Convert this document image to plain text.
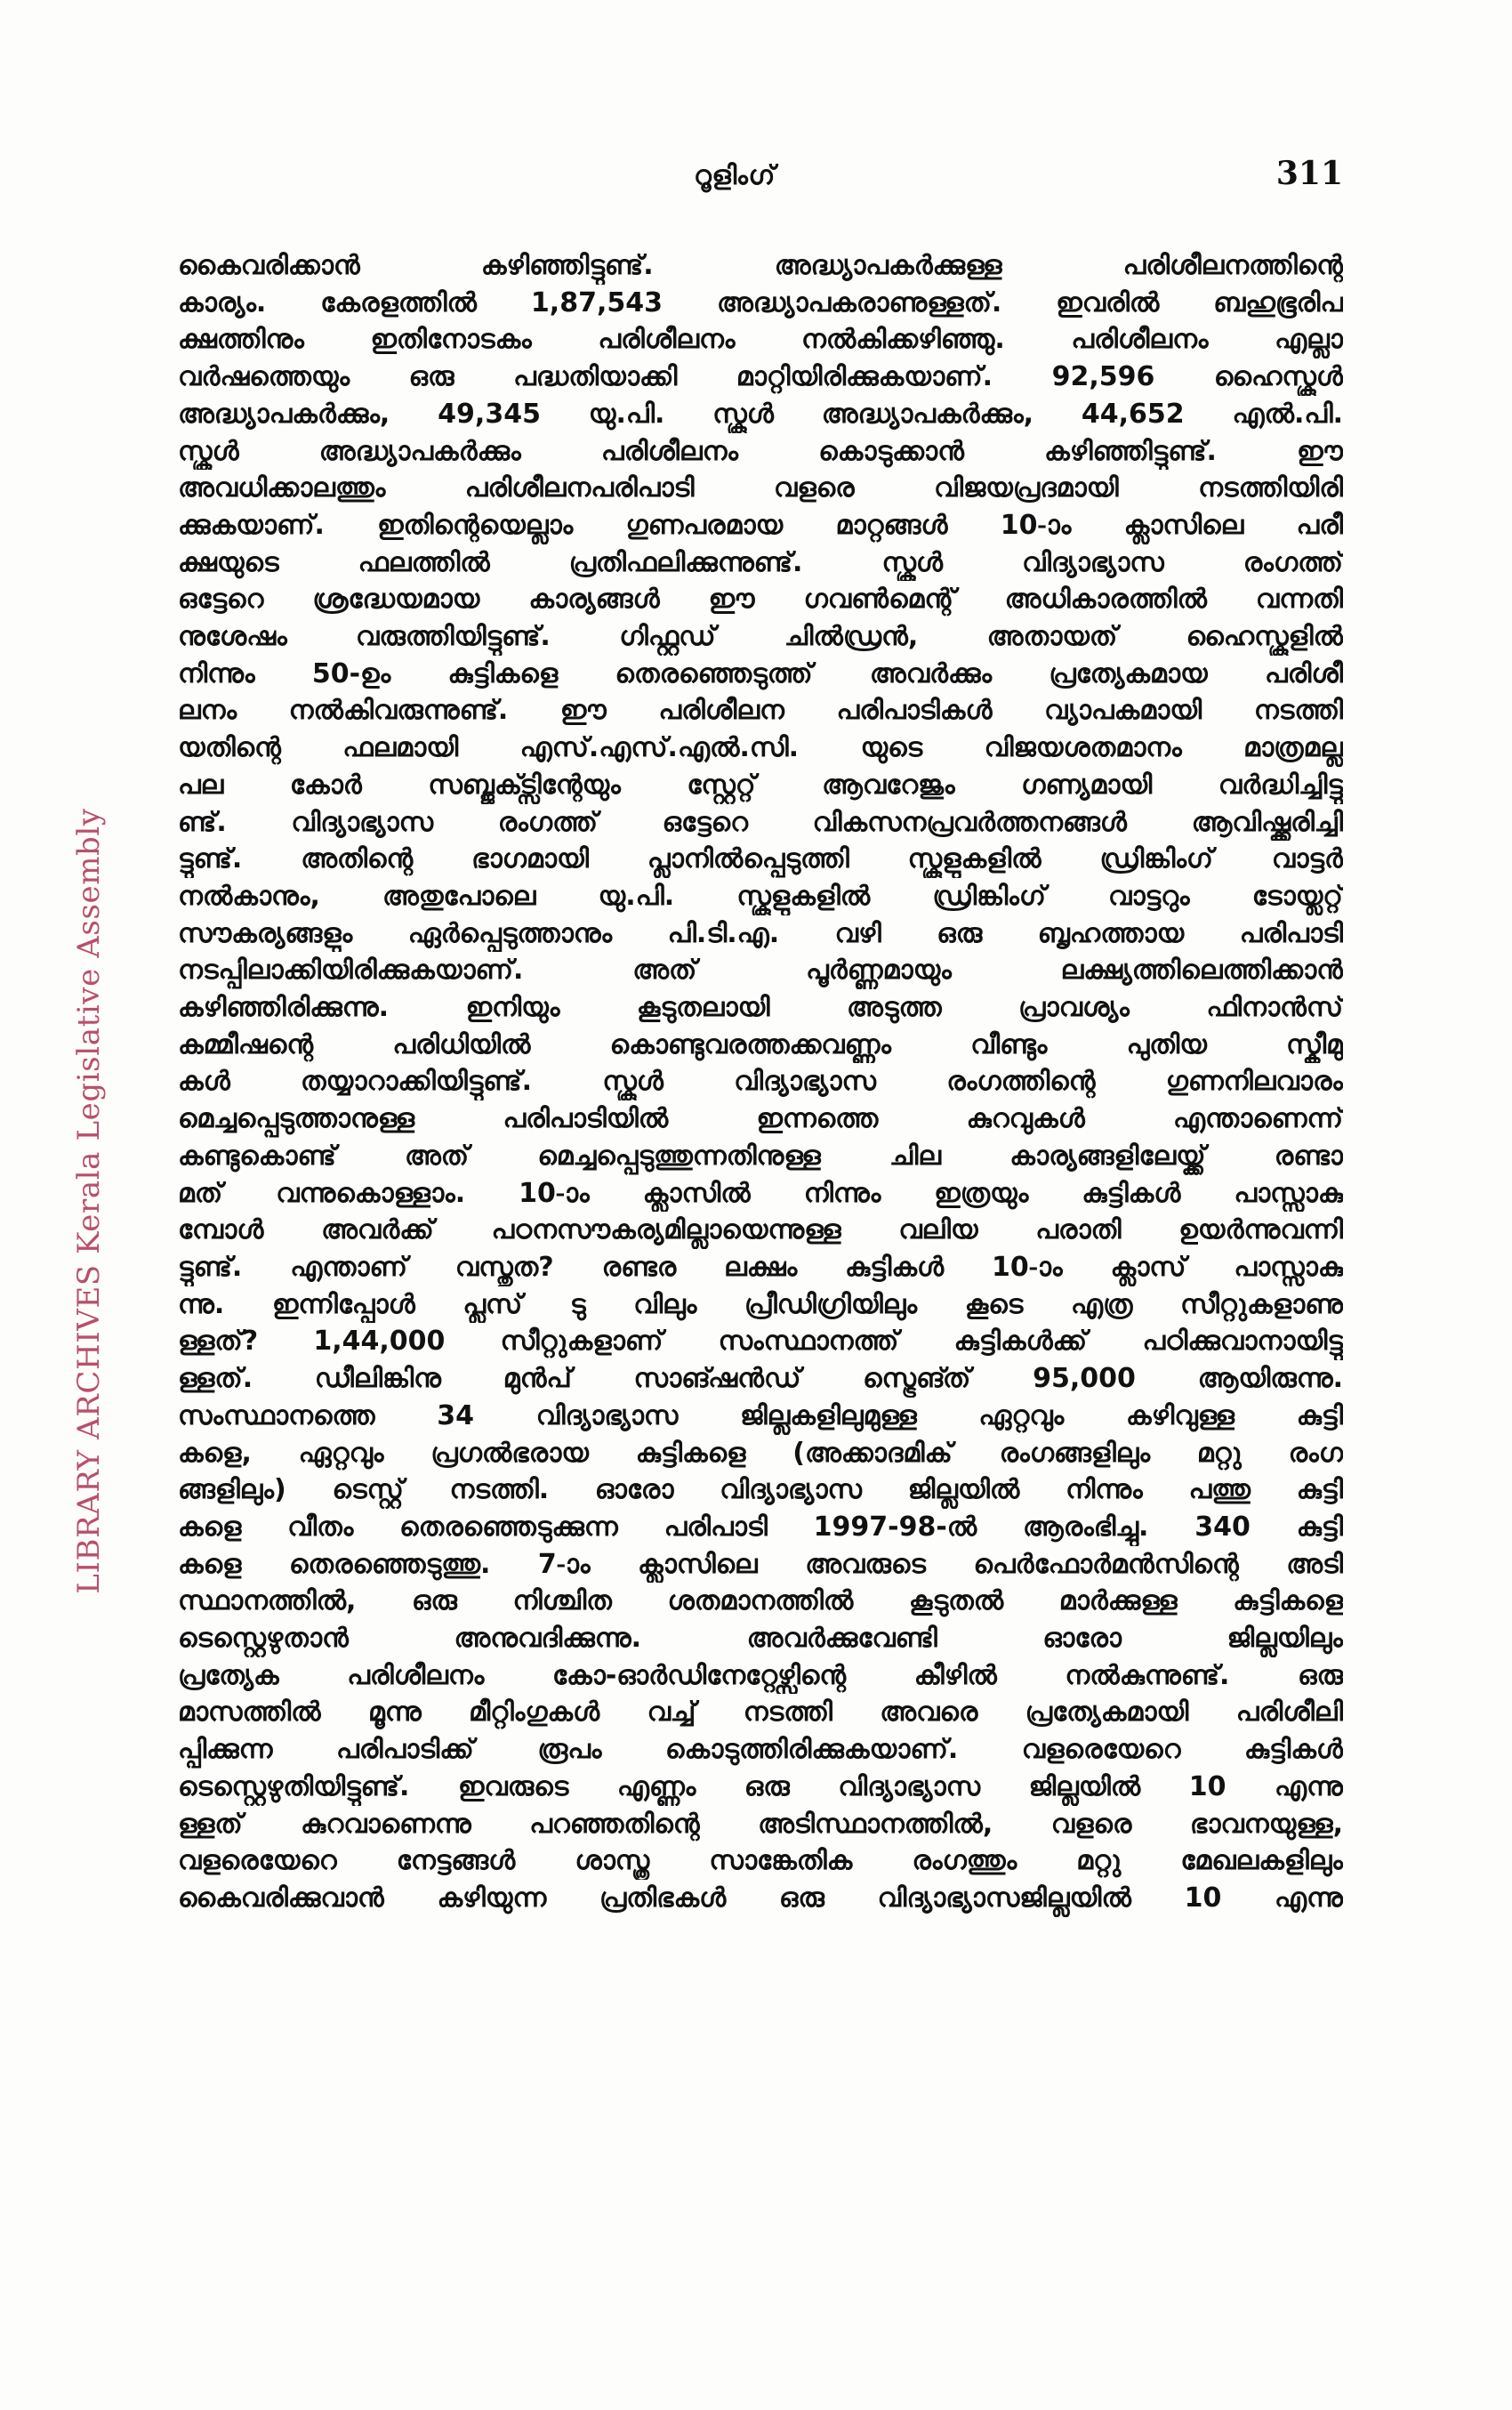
റൂളിംഗ്	311
LIBRARY ARCHIVES Kerala Legislative Assembly
കൈവരിക്കാൻ കഴിഞ്ഞിട്ടുണ്ട്. അദ്ധ്യാപകർക്കുള്ള പരിശീലനത്തിന്റെ
കാര്യം. കേരളത്തിൽ 1,87,543 അദ്ധ്യാപകരാണുള്ളത്. ഇവരിൽ ബഹുഭൂരിപ
ക്ഷത്തിനും ഇതിനോടകം പരിശീലനം നൽകിക്കഴിഞ്ഞു. പരിശീലനം എല്ലാ
വർഷത്തെയും ഒരു പദ്ധതിയാക്കി മാറ്റിയിരിക്കുകയാണ്. 92,596 ഹൈസ്കൂൾ
അദ്ധ്യാപകർക്കും, 49,345 യു.പി. സ്കൂൾ അദ്ധ്യാപകർക്കും, 44,652 എൽ.പി.
സ്കൂൾ അദ്ധ്യാപകർക്കും പരിശീലനം കൊടുക്കാൻ കഴിഞ്ഞിട്ടുണ്ട്. ഈ
അവധിക്കാലത്തും പരിശീലനപരിപാടി വളരെ വിജയപ്രദമായി നടത്തിയിരി
ക്കുകയാണ്. ഇതിന്റെയെല്ലാം ഗുണപരമായ മാറ്റങ്ങൾ 10-ാം ക്ലാസിലെ പരീ
ക്ഷയുടെ ഫലത്തിൽ പ്രതിഫലിക്കുന്നുണ്ട്. സ്കൂൾ വിദ്യാഭ്യാസ രംഗത്ത്
ഒട്ടേറെ ശ്രദ്ധേയമായ കാര്യങ്ങൾ ഈ ഗവൺമെന്റ് അധികാരത്തിൽ വന്നതി
നുശേഷം വരുത്തിയിട്ടുണ്ട്. ഗിഫ്റ്റഡ് ചിൽഡ്രൻ, അതായത് ഹൈസ്കൂളിൽ
നിന്നും 50-ഉം കുട്ടികളെ തെരഞ്ഞെടുത്ത് അവർക്കും പ്രത്യേകമായ പരിശീ
ലനം നൽകിവരുന്നുണ്ട്. ഈ പരിശീലന പരിപാടികൾ വ്യാപകമായി നടത്തി
യതിന്റെ ഫലമായി എസ്.എസ്.എൽ.സി. യുടെ വിജയശതമാനം മാത്രമല്ല
പല കോർ സബ്ജക്ട്സിന്റേയും സ്റ്റേറ്റ് ആവറേജും ഗണ്യമായി വർദ്ധിച്ചിട്ടു
ണ്ട്. വിദ്യാഭ്യാസ രംഗത്ത് ഒട്ടേറെ വികസനപ്രവർത്തനങ്ങൾ ആവിഷ്ക്കരിച്ചി
ട്ടുണ്ട്. അതിന്റെ ഭാഗമായി പ്ലാനിൽപ്പെടുത്തി സ്കൂളുകളിൽ ഡ്രിങ്കിംഗ് വാട്ടർ
നൽകാനും, അതുപോലെ യു.പി. സ്കൂളുകളിൽ ഡ്രിങ്കിംഗ് വാട്ടറും ടോയ്ലറ്റ്
സൗകര്യങ്ങളും ഏർപ്പെടുത്താനും പി.ടി.എ. വഴി ഒരു ബൃഹത്തായ പരിപാടി
നടപ്പിലാക്കിയിരിക്കുകയാണ്. അത് പൂർണ്ണമായും ലക്ഷ്യത്തിലെത്തിക്കാൻ
കഴിഞ്ഞിരിക്കുന്നു. ഇനിയും കൂടുതലായി അടുത്ത പ്രാവശ്യം ഫിനാൻസ്
കമ്മീഷന്റെ പരിധിയിൽ കൊണ്ടുവരത്തക്കവണ്ണം വീണ്ടും പുതിയ സ്കീമു
കൾ തയ്യാറാക്കിയിട്ടുണ്ട്. സ്കൂൾ വിദ്യാഭ്യാസ രംഗത്തിന്റെ ഗുണനിലവാരം
മെച്ചപ്പെടുത്താനുള്ള പരിപാടിയിൽ ഇന്നത്തെ കുറവുകൾ എന്താണെന്ന്
കണ്ടുകൊണ്ട് അത് മെച്ചപ്പെടുത്തുന്നതിനുള്ള ചില കാര്യങ്ങളിലേയ്ക്ക് രണ്ടാ
മത് വന്നുകൊള്ളാം. 10-ാം ക്ലാസിൽ നിന്നും ഇത്രയും കുട്ടികൾ പാസ്സാകു
മ്പോൾ അവർക്ക് പഠനസൗകര്യമില്ലായെന്നുള്ള വലിയ പരാതി ഉയർന്നുവന്നി
ട്ടുണ്ട്. എന്താണ് വസ്തുത? രണ്ടര ലക്ഷം കുട്ടികൾ 10-ാം ക്ലാസ് പാസ്സാകു
ന്നു. ഇന്നിപ്പോൾ പ്ലസ് ടു വിലും പ്രീഡിഗ്രിയിലും കൂടെ എത്ര സീറ്റുകളാണു
ള്ളത്? 1,44,000 സീറ്റുകളാണ് സംസ്ഥാനത്ത് കുട്ടികൾക്ക് പഠിക്കുവാനായിട്ടു
ള്ളത്. ഡീലിങ്കിനു മുൻപ് സാങ്ഷൻഡ് സ്ട്രെങ്ത് 95,000 ആയിരുന്നു.
സംസ്ഥാനത്തെ 34 വിദ്യാഭ്യാസ ജില്ലകളിലുമുള്ള ഏറ്റവും കഴിവുള്ള കുട്ടി
കളെ, ഏറ്റവും പ്രഗൽഭരായ കുട്ടികളെ (അക്കാദമിക് രംഗങ്ങളിലും മറ്റു രംഗ
ങ്ങളിലും) ടെസ്റ്റ് നടത്തി. ഓരോ വിദ്യാഭ്യാസ ജില്ലയിൽ നിന്നും പത്തു കുട്ടി
കളെ വീതം തെരഞ്ഞെടുക്കുന്ന പരിപാടി 1997-98-ൽ ആരംഭിച്ചു. 340 കുട്ടി
കളെ തെരഞ്ഞെടുത്തു. 7-ാം ക്ലാസിലെ അവരുടെ പെർഫോർമൻസിന്റെ അടി
സ്ഥാനത്തിൽ, ഒരു നിശ്ചിത ശതമാനത്തിൽ കൂടുതൽ മാർക്കുള്ള കുട്ടികളെ
ടെസ്റ്റെഴുതാൻ അനുവദിക്കുന്നു. അവർക്കുവേണ്ടി ഓരോ ജില്ലയിലും
പ്രത്യേക പരിശീലനം കോ-ഓർഡിനേറ്റേഴ്സിന്റെ കീഴിൽ നൽകുന്നുണ്ട്. ഒരു
മാസത്തിൽ മൂന്നു മീറ്റിംഗുകൾ വച്ച് നടത്തി അവരെ പ്രത്യേകമായി പരിശീലി
പ്പിക്കുന്ന പരിപാടിക്ക് രൂപം കൊടുത്തിരിക്കുകയാണ്. വളരെയേറെ കുട്ടികൾ
ടെസ്റ്റെഴുതിയിട്ടുണ്ട്. ഇവരുടെ എണ്ണം ഒരു വിദ്യാഭ്യാസ ജില്ലയിൽ 10 എന്നു
ള്ളത് കുറവാണെന്നു പറഞ്ഞതിന്റെ അടിസ്ഥാനത്തിൽ, വളരെ ഭാവനയുള്ള,
വളരെയേറെ നേട്ടങ്ങൾ ശാസ്ത്ര സാങ്കേതിക രംഗത്തും മറ്റു മേഖലകളിലും
കൈവരിക്കുവാൻ കഴിയുന്ന പ്രതിഭകൾ ഒരു വിദ്യാഭ്യാസജില്ലയിൽ 10 എന്നു
